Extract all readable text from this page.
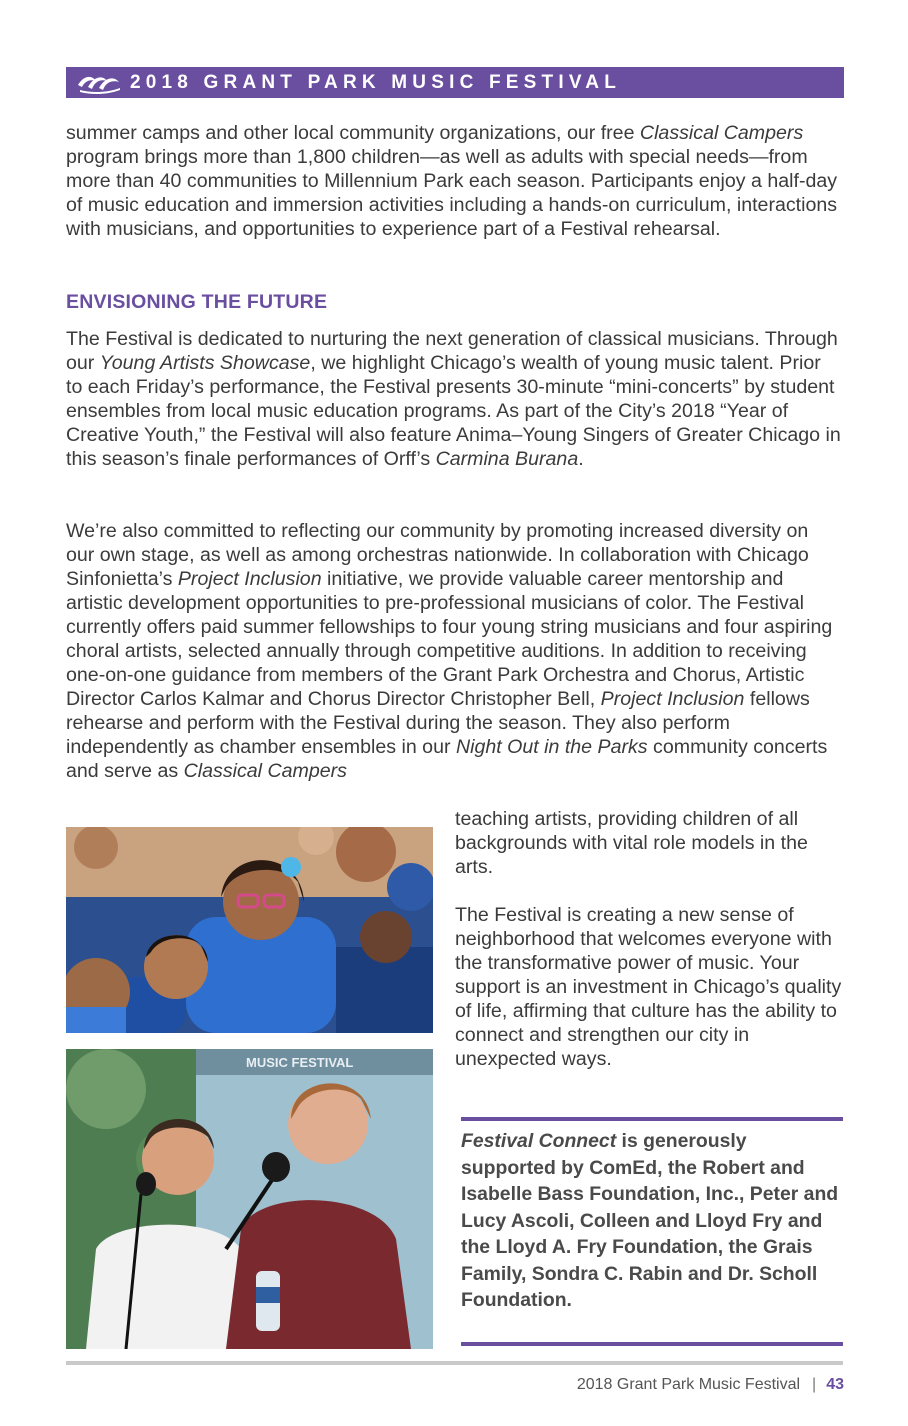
2018 GRANT PARK MUSIC FESTIVAL

summer camps and other local community organizations, our free Classical Campers program brings more than 1,800 children—as well as adults with special needs—from more than 40 communities to Millennium Park each season. Participants enjoy a half-day of music education and immersion activities including a hands-on curriculum, interactions with musicians, and opportunities to experience part of a Festival rehearsal.

ENVISIONING THE FUTURE

The Festival is dedicated to nurturing the next generation of classical musicians. Through our Young Artists Showcase, we highlight Chicago’s wealth of young music talent. Prior to each Friday’s performance, the Festival presents 30-minute “mini-concerts” by student ensembles from local music education programs. As part of the City’s 2018 “Year of Creative Youth,” the Festival will also feature Anima–Young Singers of Greater Chicago in this season’s finale performances of Orff’s Carmina Burana.

We’re also committed to reflecting our community by promoting increased diversity on our own stage, as well as among orchestras nationwide. In collaboration with Chicago Sinfonietta’s Project Inclusion initiative, we provide valuable career mentorship and artistic development opportunities to pre-professional musicians of color. The Festival currently offers paid summer fellowships to four young string musicians and four aspiring choral artists, selected annually through competitive auditions. In addition to receiving one-on-one guidance from members of the Grant Park Orchestra and Chorus, Artistic Director Carlos Kalmar and Chorus Director Christopher Bell, Project Inclusion fellows rehearse and perform with the Festival during the season. They also perform independently as chamber ensembles in our Night Out in the Parks community concerts and serve as Classical Campers

teaching artists, providing children of all backgrounds with vital role models in the arts.

The Festival is creating a new sense of neighborhood that welcomes everyone with the transformative power of music. Your support is an investment in Chicago’s quality of life, affirming that culture has the ability to connect and strengthen our city in unexpected ways.

MUSIC FESTIVAL

Festival Connect is generously supported by ComEd, the Robert and Isabelle Bass Foundation, Inc., Peter and Lucy Ascoli, Colleen and Lloyd Fry and the Lloyd A. Fry Foundation, the Grais Family, Sondra C. Rabin and Dr. Scholl Foundation.

2018 Grant Park Music Festival | 43
